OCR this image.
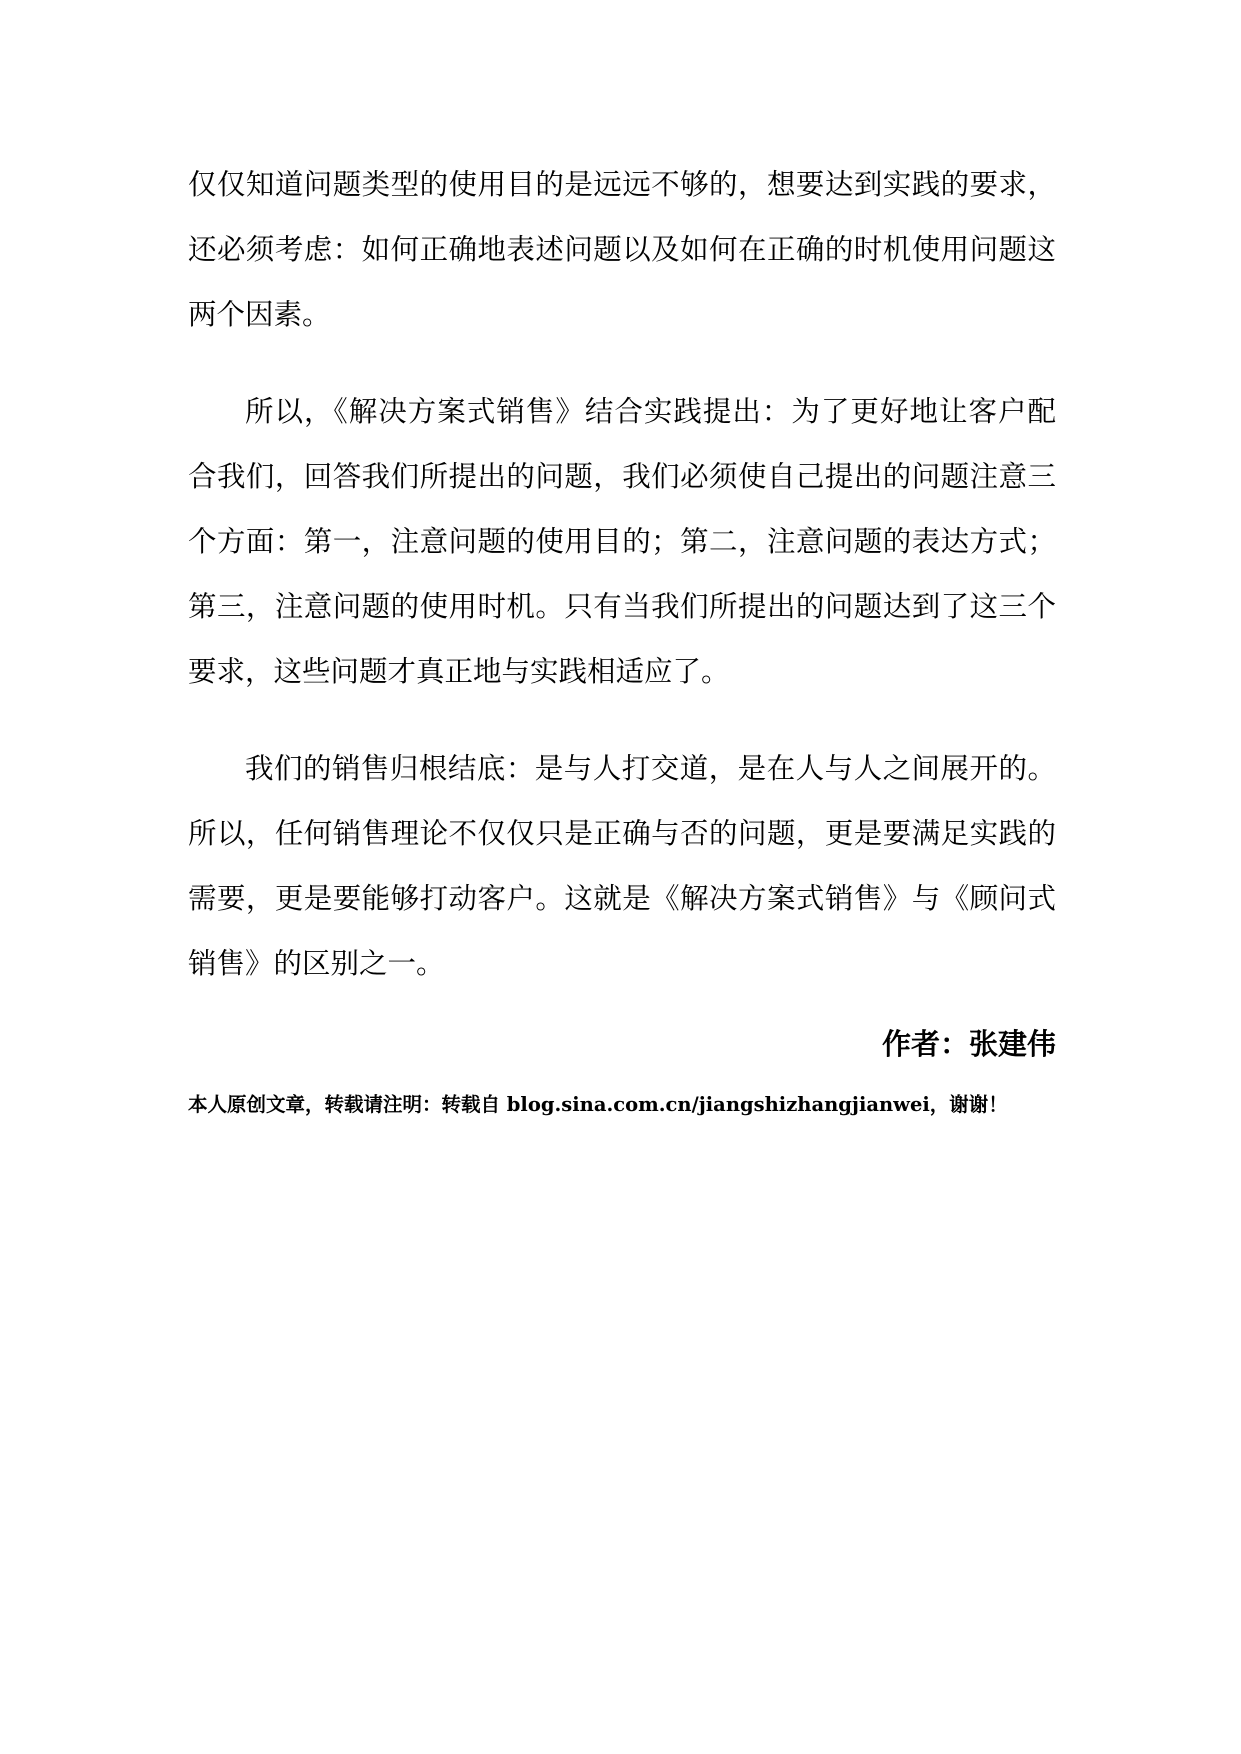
仅仅知道问题类型的使用目的是远远不够的，想要达到实践的要求，还必须考虑：如何正确地表述问题以及如何在正确的时机使用问题这两个因素。

所以，《解决方案式销售》结合实践提出：为了更好地让客户配合我们，回答我们所提出的问题，我们必须使自己提出的问题注意三个方面：第一，注意问题的使用目的；第二，注意问题的表达方式；第三，注意问题的使用时机。只有当我们所提出的问题达到了这三个要求，这些问题才真正地与实践相适应了。

我们的销售归根结底：是与人打交道，是在人与人之间展开的。所以，任何销售理论不仅仅只是正确与否的问题，更是要满足实践的需要，更是要能够打动客户。这就是《解决方案式销售》与《顾问式销售》的区别之一。

作者：张建伟
本人原创文章，转载请注明：转载自 blog.sina.com.cn/jiangshizhangjianwei，谢谢！
